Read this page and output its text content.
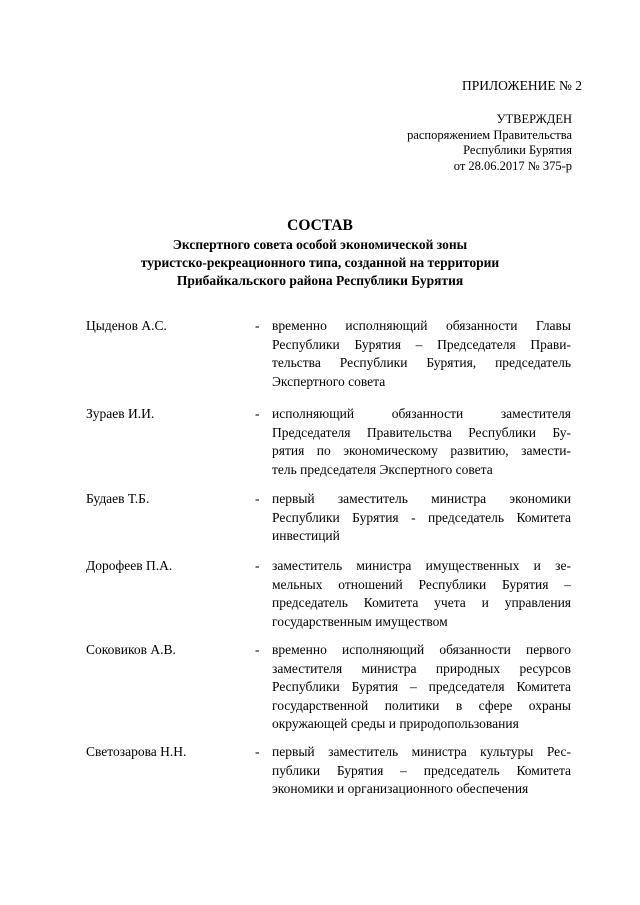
ПРИЛОЖЕНИЕ № 2
УТВЕРЖДЕН
распоряжением Правительства
Республики Бурятия
от 28.06.2017 № 375-р
СОСТАВ
Экспертного совета особой экономической зоны
туристско-рекреационного типа, созданной на территории
Прибайкальского района Республики Бурятия
Цыденов А.С.	- временно исполняющий обязанности Главы
Республики Бурятия – Председателя Прави-
тельства Республики Бурятия, председатель
Экспертного совета
Зураев И.И.	- исполняющий обязанности заместителя
Председателя Правительства Республики Бу-
рятия по экономическому развитию, замести-
тель председателя Экспертного совета
Будаев Т.Б.	- первый заместитель министра экономики
Республики Бурятия - председатель Комитета
инвестиций
Дорофеев П.А.	- заместитель министра имущественных и зе-
мельных отношений Республики Бурятия –
председатель Комитета учета и управления
государственным имуществом
Соковиков А.В.	- временно исполняющий обязанности первого
заместителя министра природных ресурсов
Республики Бурятия – председателя Комитета
государственной политики в сфере охраны
окружающей среды и природопользования
Светозарова Н.Н.	- первый заместитель министра культуры Рес-
публики Бурятия – председатель Комитета
экономики и организационного обеспечения
